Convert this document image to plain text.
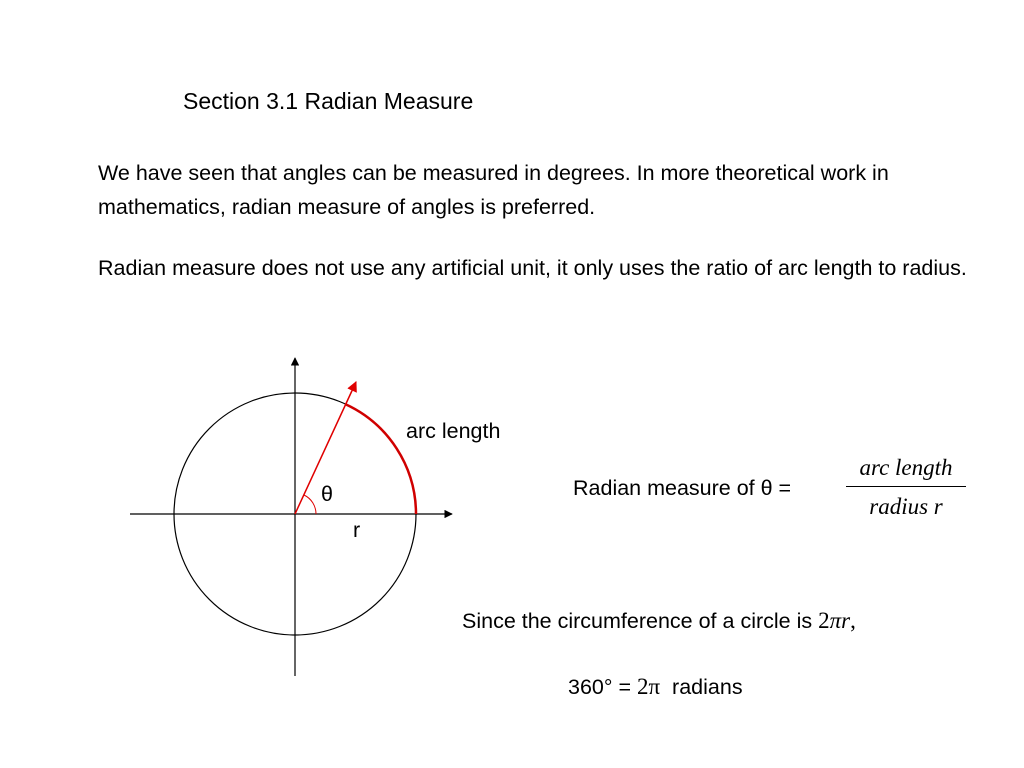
Section 3.1 Radian Measure
We have seen that angles can be measured in degrees. In more theoretical work in mathematics, radian measure of angles is preferred.
Radian measure does not use any artificial unit, it only uses the ratio of arc length to radius.
arc length
θ
r
Radian measure of θ =
arc length
radius r
Since the circumference of a circle is 2πr,
360° = 2π  radians
